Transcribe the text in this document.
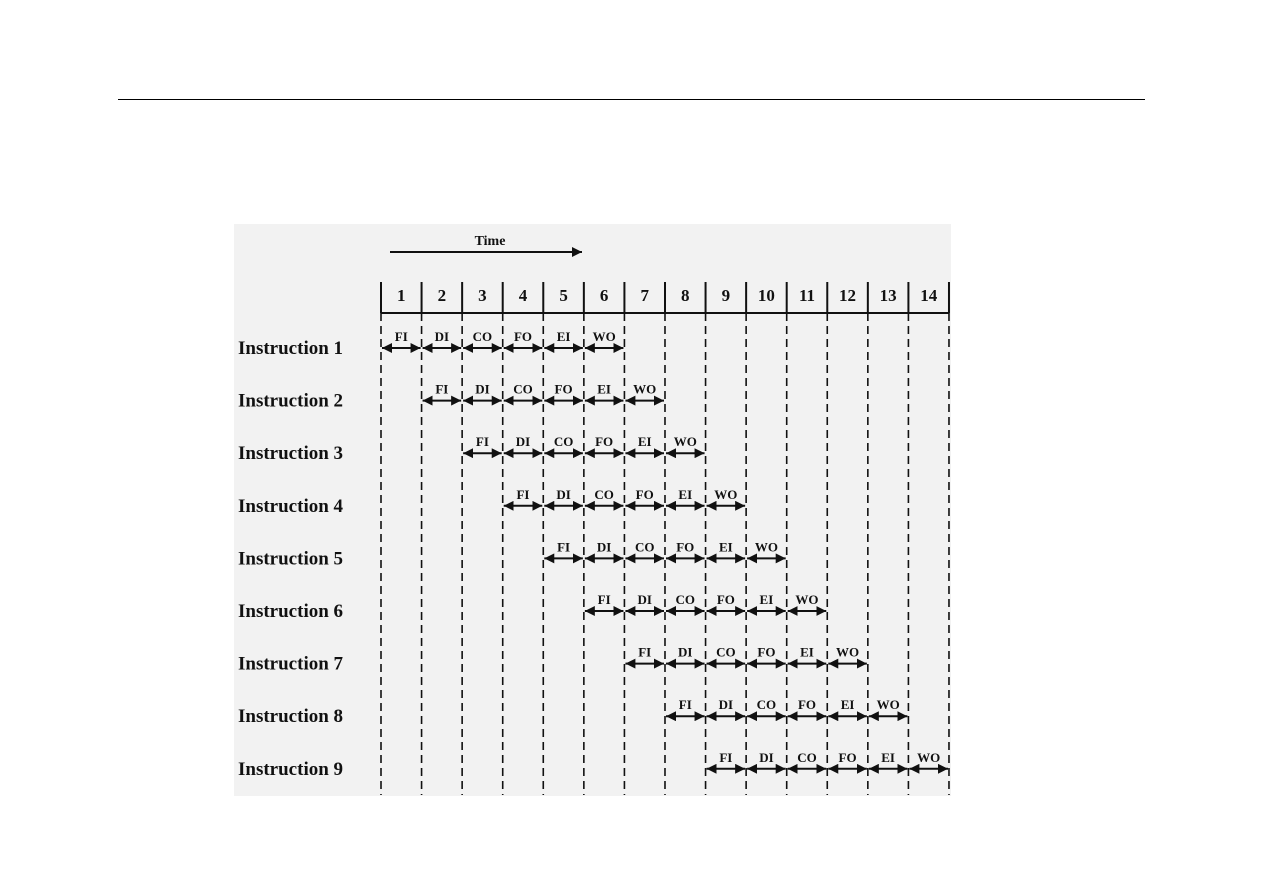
Time
1 2 3 4 5 6 7 8 9 10 11 12 13 14
Instruction 1
FI DI CO FO EI WO
Instruction 2
FI DI CO FO EI WO
Instruction 3
FI DI CO FO EI WO
Instruction 4
FI DI CO FO EI WO
Instruction 5
FI DI CO FO EI WO
Instruction 6
FI DI CO FO EI WO
Instruction 7
FI DI CO FO EI WO
Instruction 8
FI DI CO FO EI WO
Instruction 9
FI DI CO FO EI WO
